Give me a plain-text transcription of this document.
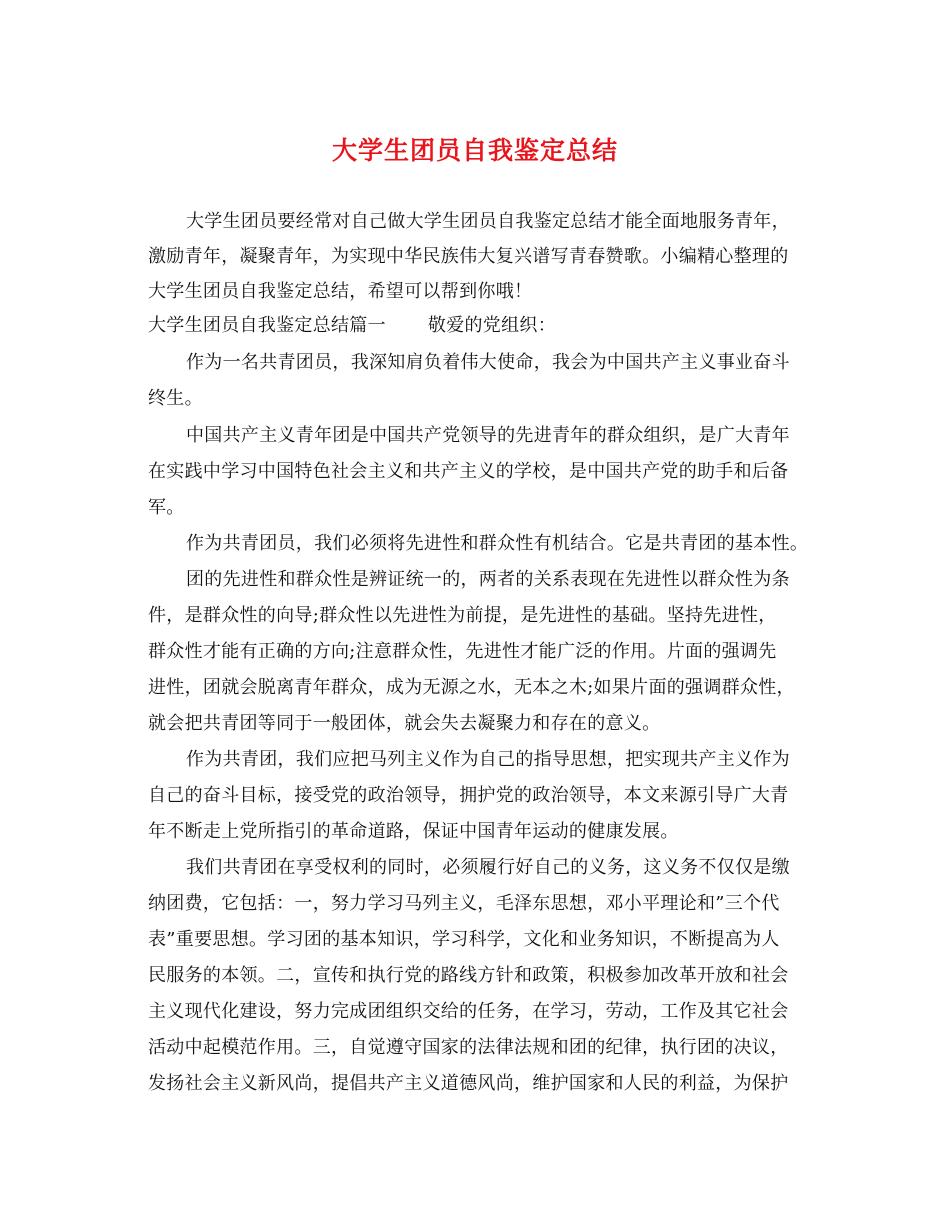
大学生团员自我鉴定总结
大学生团员要经常对自己做大学生团员自我鉴定总结才能全面地服务青年，
激励青年，凝聚青年，为实现中华民族伟大复兴谱写青春赞歌。小编精心整理的
大学生团员自我鉴定总结，希望可以帮到你哦！
大学生团员自我鉴定总结篇一 敬爱的党组织：
作为一名共青团员，我深知肩负着伟大使命，我会为中国共产主义事业奋斗
终生。
中国共产主义青年团是中国共产党领导的先进青年的群众组织，是广大青年
在实践中学习中国特色社会主义和共产主义的学校，是中国共产党的助手和后备
军。
作为共青团员，我们必须将先进性和群众性有机结合。它是共青团的基本性。
团的先进性和群众性是辨证统一的，两者的关系表现在先进性以群众性为条
件，是群众性的向导;群众性以先进性为前提，是先进性的基础。坚持先进性，
群众性才能有正确的方向;注意群众性，先进性才能广泛的作用。片面的强调先
进性，团就会脱离青年群众，成为无源之水，无本之木;如果片面的强调群众性，
就会把共青团等同于一般团体，就会失去凝聚力和存在的意义。
作为共青团，我们应把马列主义作为自己的指导思想，把实现共产主义作为
自己的奋斗目标，接受党的政治领导，拥护党的政治领导，本文来源引导广大青
年不断走上党所指引的革命道路，保证中国青年运动的健康发展。
我们共青团在享受权利的同时，必须履行好自己的义务，这义务不仅仅是缴
纳团费，它包括：一，努力学习马列主义，毛泽东思想，邓小平理论和”三个代
表”重要思想。学习团的基本知识，学习科学，文化和业务知识，不断提高为人
民服务的本领。二，宣传和执行党的路线方针和政策，积极参加改革开放和社会
主义现代化建设，努力完成团组织交给的任务，在学习，劳动，工作及其它社会
活动中起模范作用。三，自觉遵守国家的法律法规和团的纪律，执行团的决议，
发扬社会主义新风尚，提倡共产主义道德风尚，维护国家和人民的利益，为保护
